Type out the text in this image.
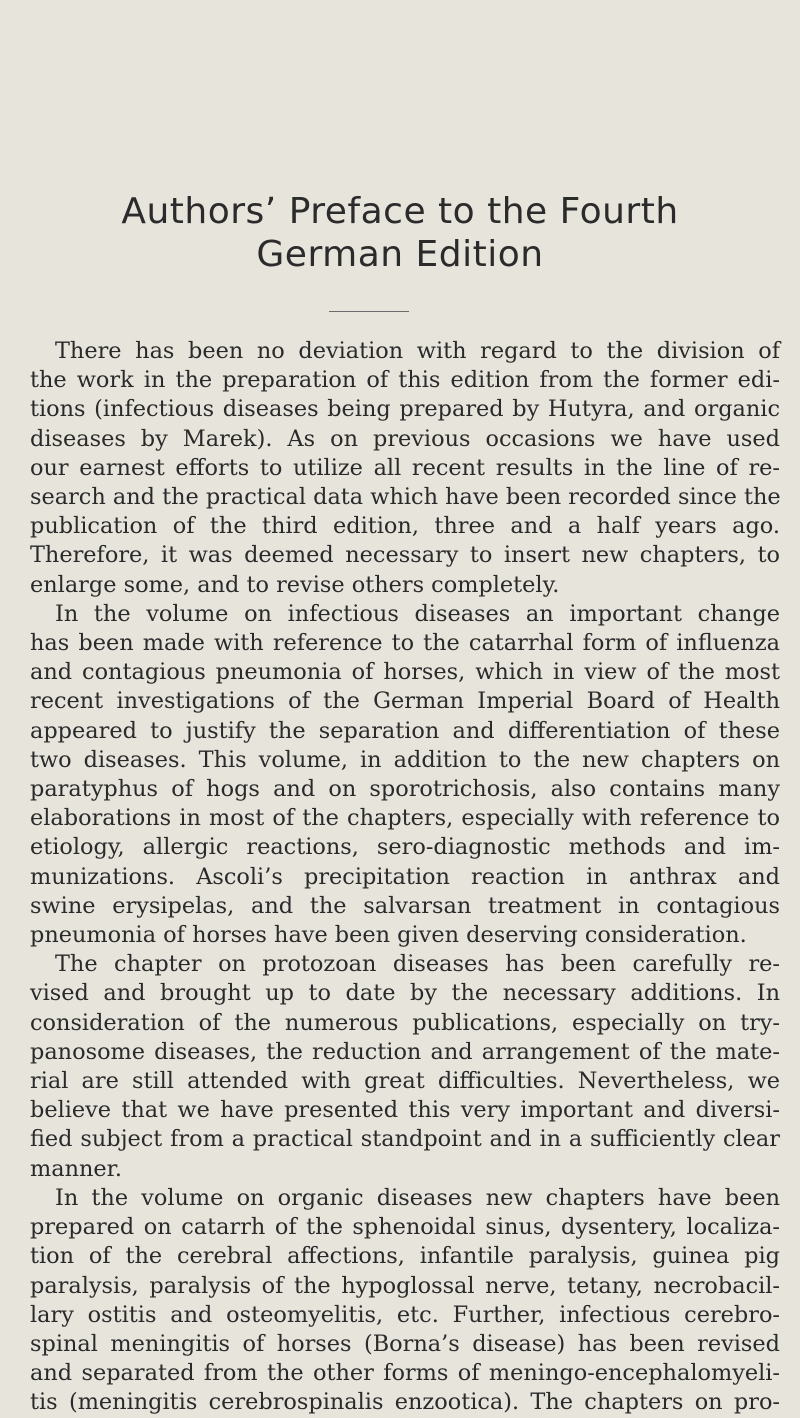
Authors’ Preface to the Fourth
German Edition
There has been no deviation with regard to the division of
the work in the preparation of this edition from the former edi-
tions (infectious diseases being prepared by Hutyra, and organic
diseases by Marek). As on previous occasions we have used
our earnest efforts to utilize all recent results in the line of re-
search and the practical data which have been recorded since the
publication of the third edition, three and a half years ago.
Therefore, it was deemed necessary to insert new chapters, to
enlarge some, and to revise others completely.
In the volume on infectious diseases an important change
has been made with reference to the catarrhal form of influenza
and contagious pneumonia of horses, which in view of the most
recent investigations of the German Imperial Board of Health
appeared to justify the separation and differentiation of these
two diseases. This volume, in addition to the new chapters on
paratyphus of hogs and on sporotrichosis, also contains many
elaborations in most of the chapters, especially with reference to
etiology, allergic reactions, sero-diagnostic methods and im-
munizations. Ascoli’s precipitation reaction in anthrax and
swine erysipelas, and the salvarsan treatment in contagious
pneumonia of horses have been given deserving consideration.
The chapter on protozoan diseases has been carefully re-
vised and brought up to date by the necessary additions. In
consideration of the numerous publications, especially on try-
panosome diseases, the reduction and arrangement of the mate-
rial are still attended with great difficulties. Nevertheless, we
believe that we have presented this very important and diversi-
fied subject from a practical standpoint and in a sufficiently clear
manner.
In the volume on organic diseases new chapters have been
prepared on catarrh of the sphenoidal sinus, dysentery, localiza-
tion of the cerebral affections, infantile paralysis, guinea pig
paralysis, paralysis of the hypoglossal nerve, tetany, necrobacil-
lary ostitis and osteomyelitis, etc. Further, infectious cerebro-
spinal meningitis of horses (Borna’s disease) has been revised
and separated from the other forms of meningo-encephalomyeli-
tis (meningitis cerebrospinalis enzootica). The chapters on pro-
